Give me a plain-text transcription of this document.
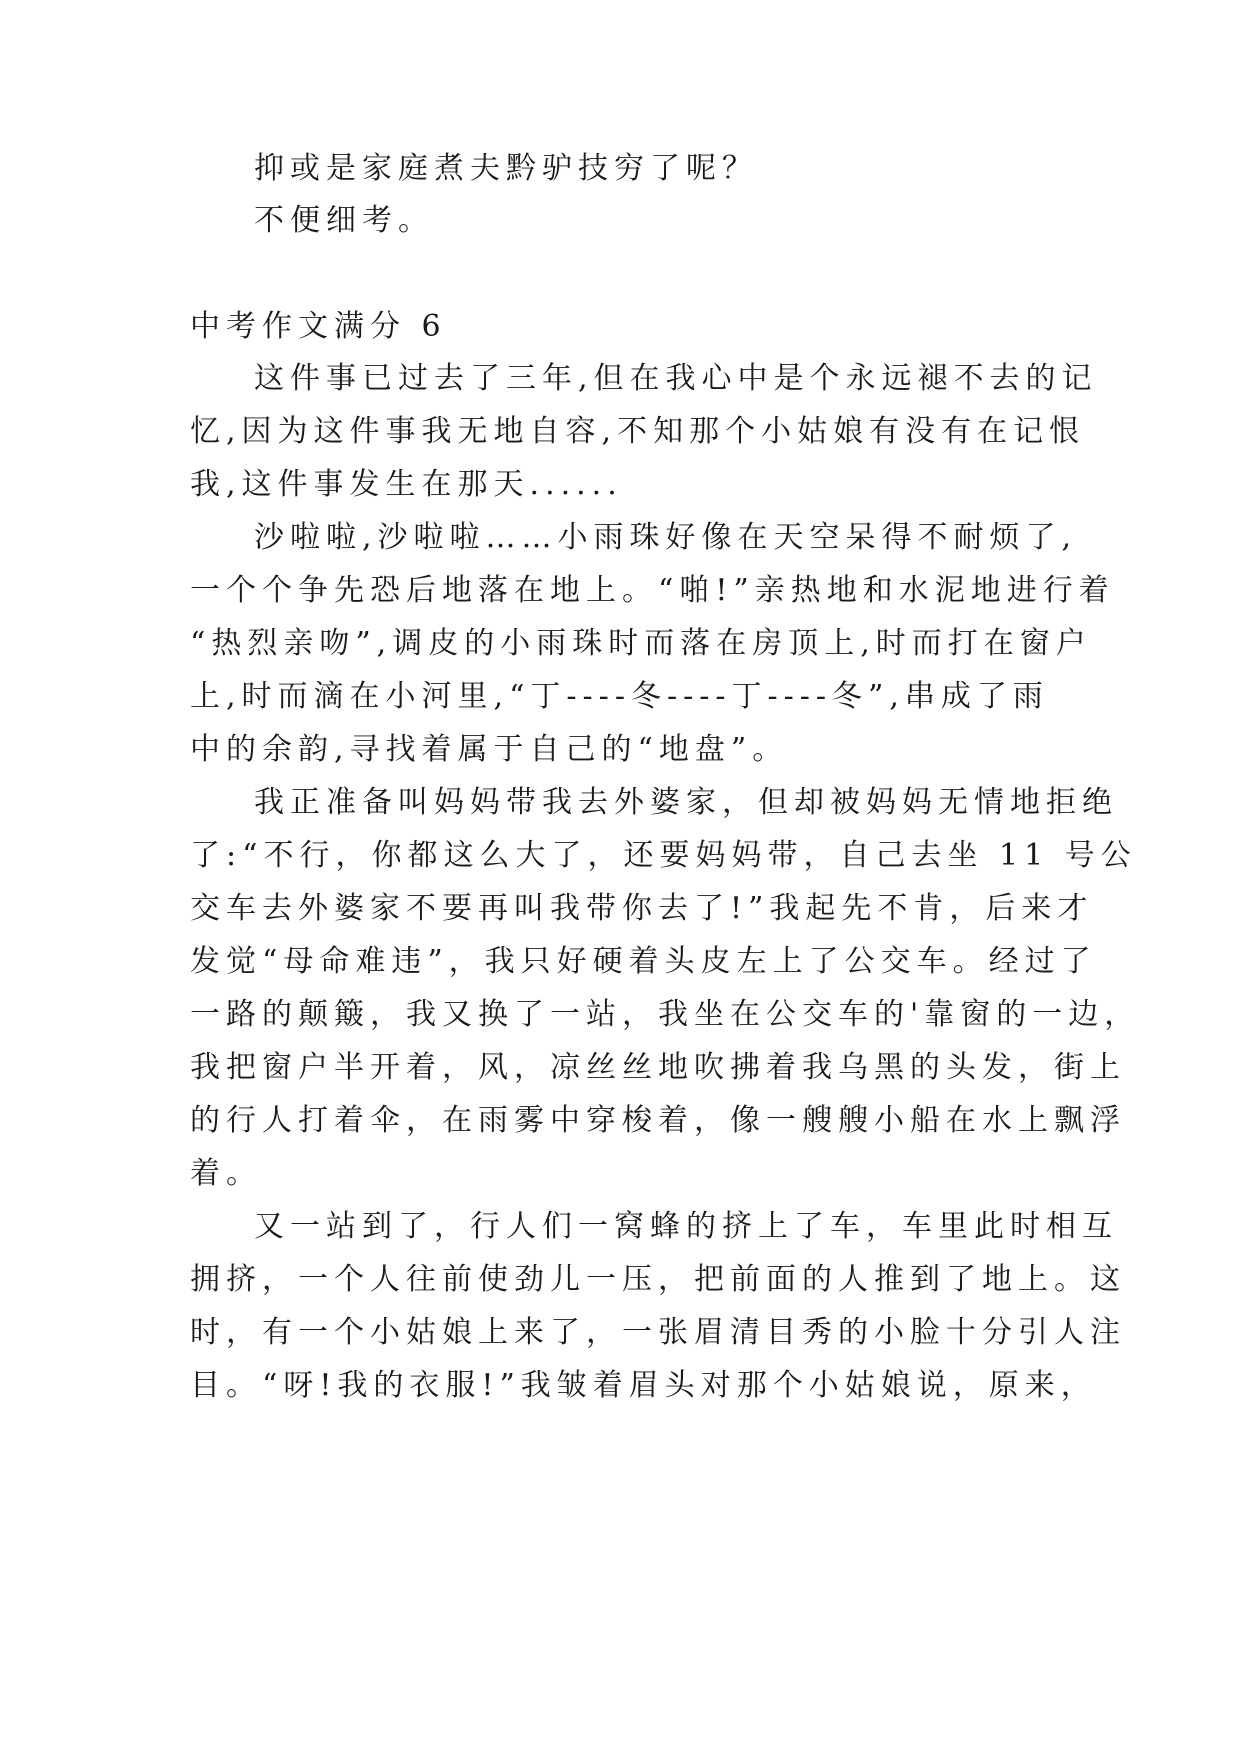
抑或是家庭煮夫黔驴技穷了呢？
不便细考。
中考作文满分 6
这件事已过去了三年,但在我心中是个永远褪不去的记
忆,因为这件事我无地自容,不知那个小姑娘有没有在记恨
我,这件事发生在那天......
沙啦啦,沙啦啦……小雨珠好像在天空呆得不耐烦了,
一个个争先恐后地落在地上。“啪!”亲热地和水泥地进行着
“热烈亲吻”,调皮的小雨珠时而落在房顶上,时而打在窗户
上,时而滴在小河里,“丁----冬----丁----冬”,串成了雨
中的余韵,寻找着属于自己的“地盘”。
我正准备叫妈妈带我去外婆家，但却被妈妈无情地拒绝
了:“不行，你都这么大了，还要妈妈带，自己去坐 11 号公
交车去外婆家不要再叫我带你去了!”我起先不肯，后来才
发觉“母命难违”，我只好硬着头皮左上了公交车。经过了
一路的颠簸，我又换了一站，我坐在公交车的'靠窗的一边，
我把窗户半开着，风，凉丝丝地吹拂着我乌黑的头发，街上
的行人打着伞，在雨雾中穿梭着，像一艘艘小船在水上飘浮
着。
又一站到了，行人们一窝蜂的挤上了车，车里此时相互
拥挤，一个人往前使劲儿一压，把前面的人推到了地上。这
时，有一个小姑娘上来了，一张眉清目秀的小脸十分引人注
目。“呀!我的衣服!”我皱着眉头对那个小姑娘说，原来，
